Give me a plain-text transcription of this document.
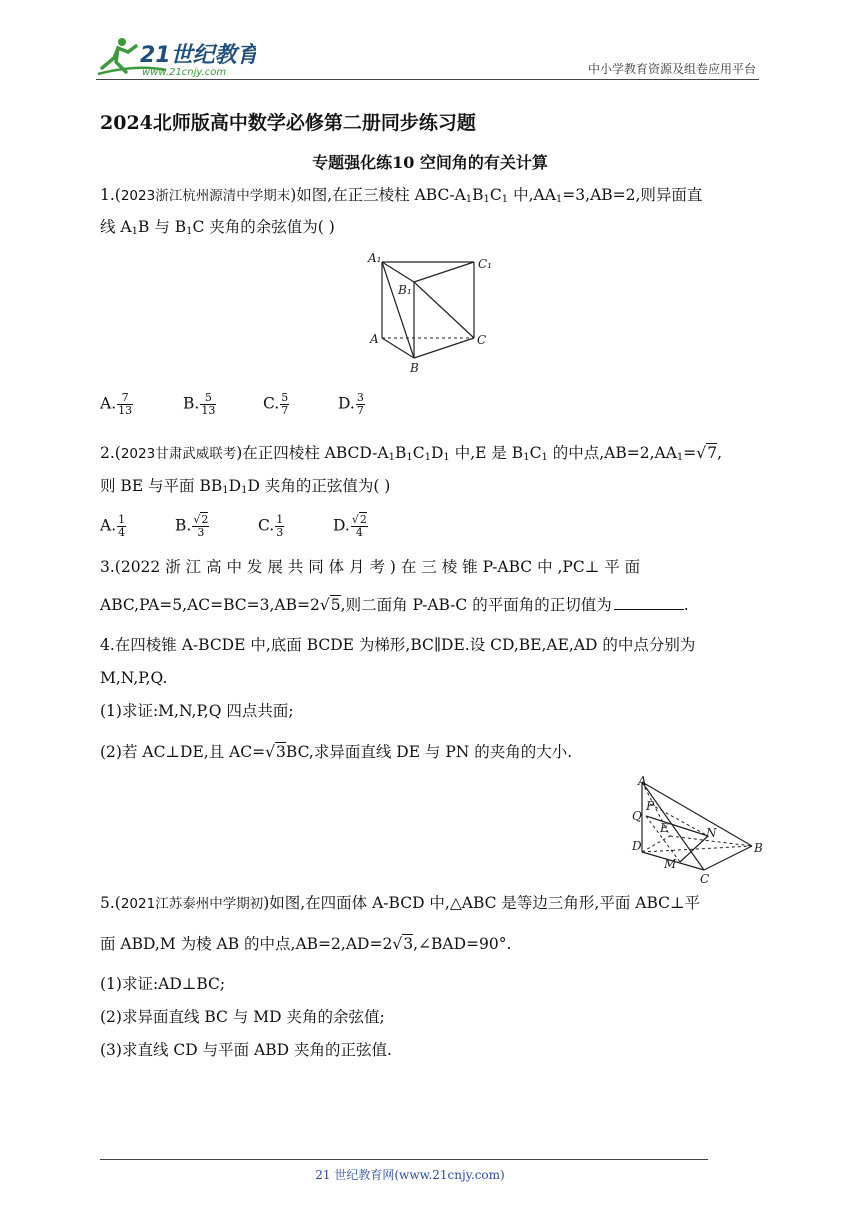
21世纪教育
www.21cnjy.com	中小学教育资源及组卷应用平台
2024北师版高中数学必修第二册同步练习题
专题强化练10 空间角的有关计算
1.(2023浙江杭州源清中学期末)如图,在正三棱柱 ABC-$A_1B_1C_1$ 中$,AA_1=3,AB=2$,则异面直
线 $A_1B$ 与 $B_1C$ 夹角的余弦值为( )
A₁	C₁
B₁
A	C
B
A. $\frac{7}{13}$	B. $\frac{5}{13}$	C. $\frac{5}{7}$	D. $\frac{3}{7}$
2.(2023甘肃武威联考)在正四棱柱 ABCD-$A_1B_1C_1D_1$ 中,E 是 $B_1C_1$ 的中点$,AB=2,AA_1=√7$,
则 BE 与平面 $BB_1D_1D$ 夹角的正弦值为( )
A. $\frac{1}{4}$	B. $\frac{√2}{3}$	C. $\frac{1}{3}$	D. $\frac{√2}{4}$
3.(2022 浙 江 高 中 发 展 共 同 体 月 考 ) 在 三 棱 锥 P-ABC 中 ,PC⊥ 平 面
ABC,PA=5,AC=BC=3,AB=2√5,则二面角 P-AB-C 的平面角的正切值为	.
4.在四棱锥 A-BCDE 中,底面 BCDE 为梯形,BC∥DE.设 CD,BE,AE,AD 的中点分别为
M,N,P,Q.
(1)求证:M,N,P,Q 四点共面;
(2)若 AC⊥DE,且 AC=√3BC,求异面直线 DE 与 PN 的夹角的大小.
A
P
Q
E	N
D	B
M
C
5.(2021江苏泰州中学期初)如图,在四面体 A-BCD 中,△ABC 是等边三角形,平面 ABC⊥平
面 ABD,M 为棱 AB 的中点,AB=2,AD=2√3,∠BAD=90°.
(1)求证:AD⊥BC;
(2)求异面直线 BC 与 MD 夹角的余弦值;
(3)求直线 CD 与平面 ABD 夹角的正弦值.
21 世纪教育网(www.21cnjy.com)
